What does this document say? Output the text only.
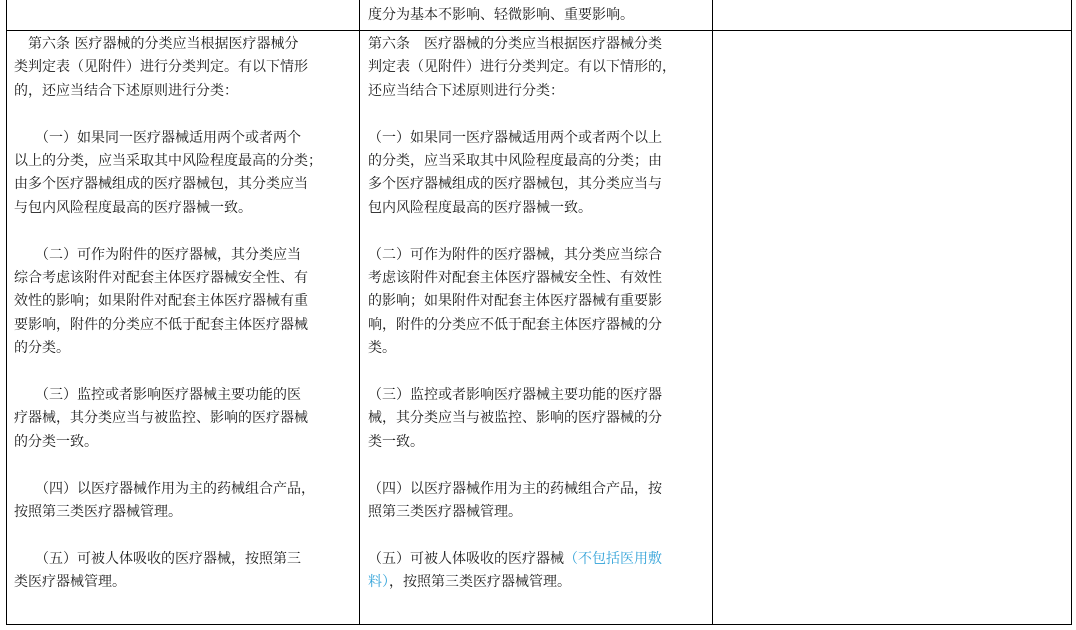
度分为基本不影响、轻微影响、重要影响。

　第六条 医疗器械的分类应当根据医疗器械分

类判定表（见附件）进行分类判定。有以下情形

的，还应当结合下述原则进行分类：

　　（一）如果同一医疗器械适用两个或者两个

以上的分类，应当采取其中风险程度最高的分类；

由多个医疗器械组成的医疗器械包，其分类应当

与包内风险程度最高的医疗器械一致。

　　（二）可作为附件的医疗器械，其分类应当

综合考虑该附件对配套主体医疗器械安全性、有

效性的影响；如果附件对配套主体医疗器械有重

要影响，附件的分类应不低于配套主体医疗器械

的分类。

　　（三）监控或者影响医疗器械主要功能的医

疗器械，其分类应当与被监控、影响的医疗器械

的分类一致。

　　（四）以医疗器械作用为主的药械组合产品，

按照第三类医疗器械管理。

　　（五）可被人体吸收的医疗器械，按照第三

类医疗器械管理。

第六条　医疗器械的分类应当根据医疗器械分类

判定表（见附件）进行分类判定。有以下情形的，

还应当结合下述原则进行分类：

（一）如果同一医疗器械适用两个或者两个以上

的分类，应当采取其中风险程度最高的分类；由

多个医疗器械组成的医疗器械包，其分类应当与

包内风险程度最高的医疗器械一致。

（二）可作为附件的医疗器械，其分类应当综合

考虑该附件对配套主体医疗器械安全性、有效性

的影响；如果附件对配套主体医疗器械有重要影

响，附件的分类应不低于配套主体医疗器械的分

类。

（三）监控或者影响医疗器械主要功能的医疗器

械，其分类应当与被监控、影响的医疗器械的分

类一致。

（四）以医疗器械作用为主的药械组合产品，按

照第三类医疗器械管理。

（五）可被人体吸收的医疗器械（不包括医用敷

料），按照第三类医疗器械管理。
